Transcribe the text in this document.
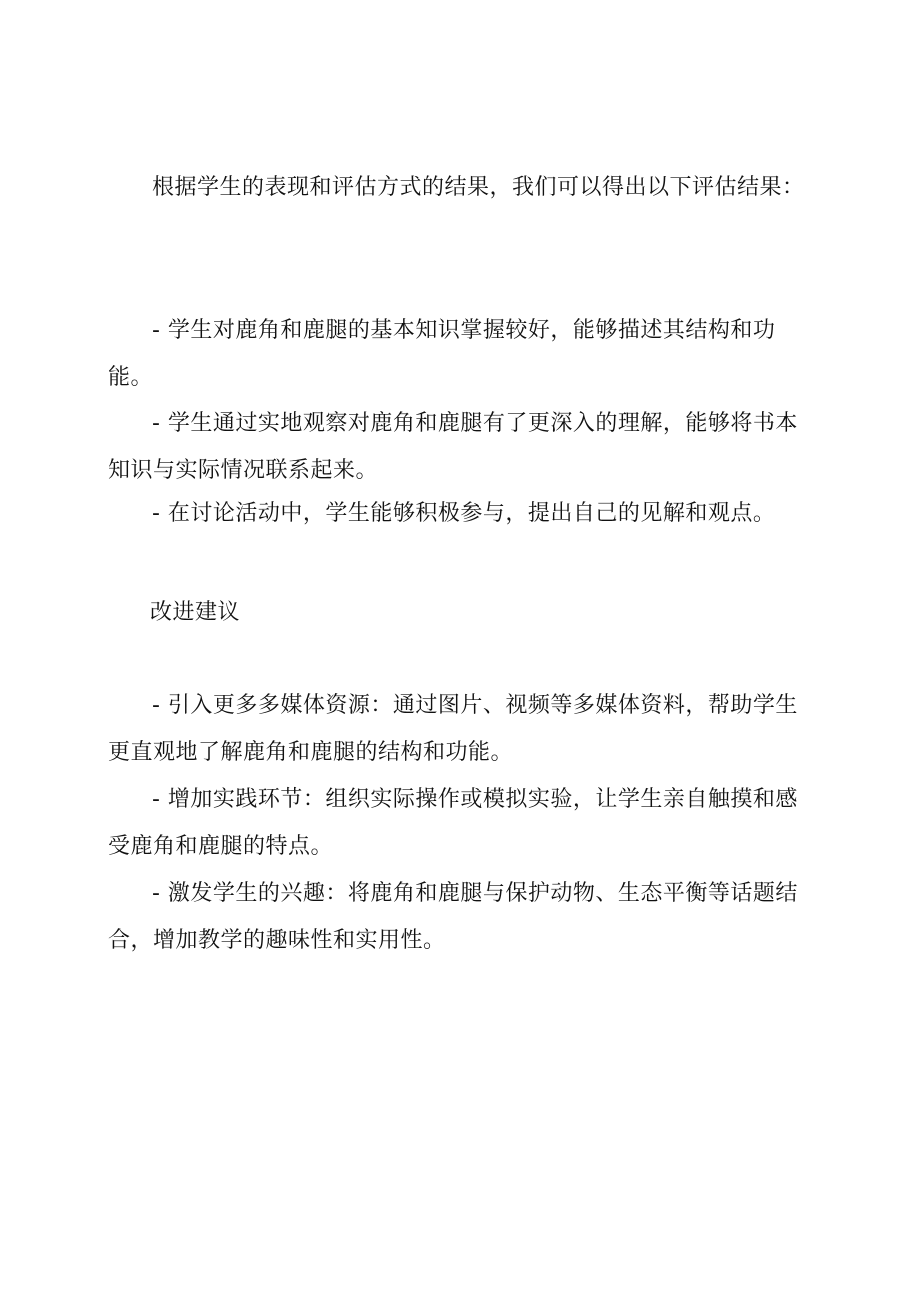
根据学生的表现和评估方式的结果，我们可以得出以下评估结果：

- 学生对鹿角和鹿腿的基本知识掌握较好，能够描述其结构和功能。

- 学生通过实地观察对鹿角和鹿腿有了更深入的理解，能够将书本知识与实际情况联系起来。

- 在讨论活动中，学生能够积极参与，提出自己的见解和观点。

改进建议

- 引入更多多媒体资源：通过图片、视频等多媒体资料，帮助学生更直观地了解鹿角和鹿腿的结构和功能。

- 增加实践环节：组织实际操作或模拟实验，让学生亲自触摸和感受鹿角和鹿腿的特点。

- 激发学生的兴趣：将鹿角和鹿腿与保护动物、生态平衡等话题结合，增加教学的趣味性和实用性。
